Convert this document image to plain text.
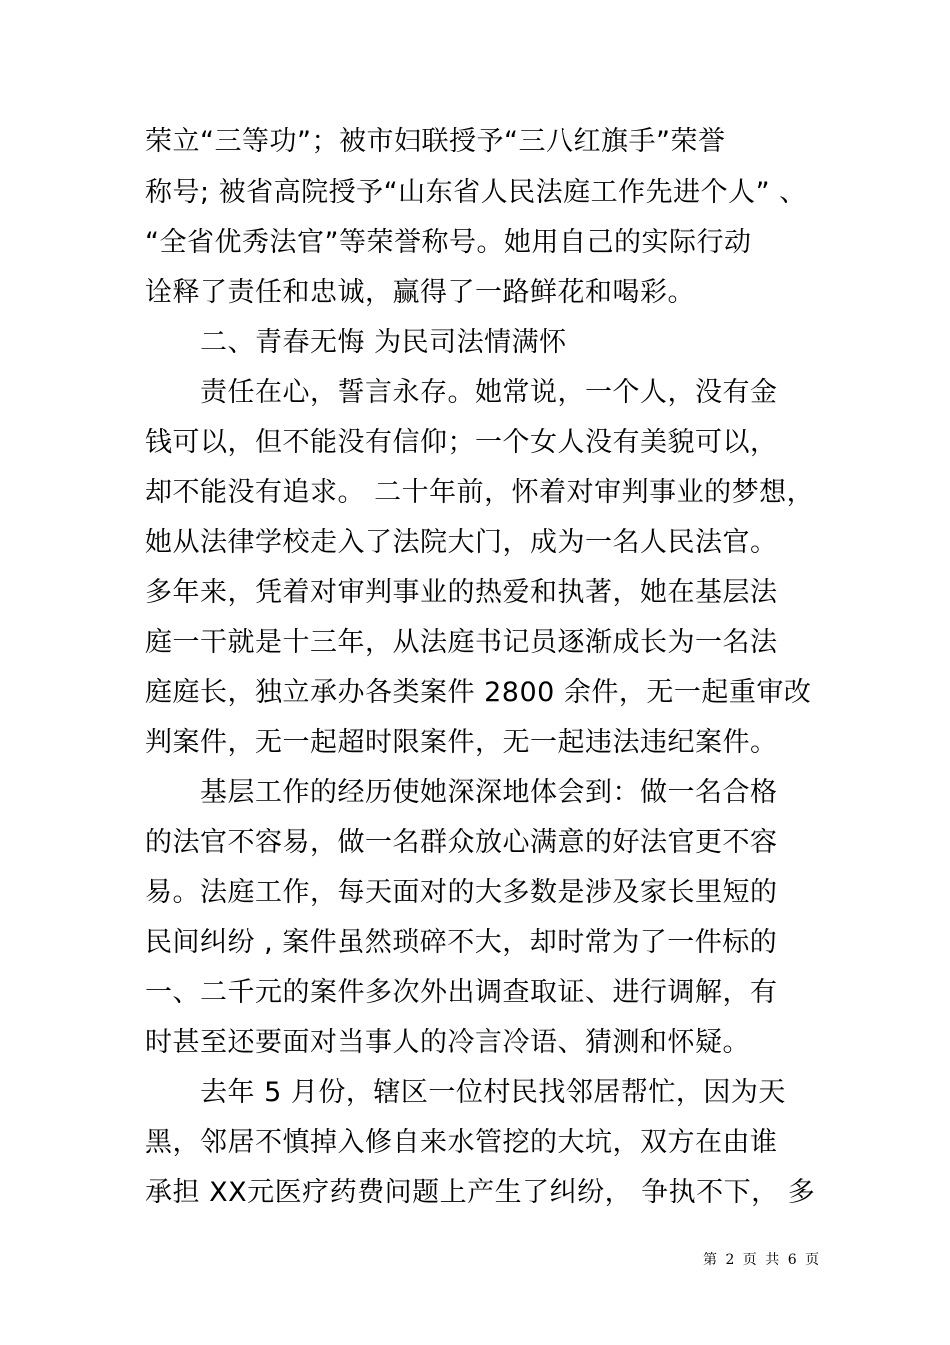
荣立“三等功”；被市妇联授予“三八红旗手”荣誉
称号; 被省高院授予“山东省人民法庭工作先进个人” 、
“全省优秀法官”等荣誉称号。她用自己的实际行动
诠释了责任和忠诚，赢得了一路鲜花和喝彩。
二、青春无悔 为民司法情满怀
责任在心，誓言永存。她常说，一个人，没有金
钱可以，但不能没有信仰；一个女人没有美貌可以，
却不能没有追求。 二十年前，怀着对审判事业的梦想，
她从法律学校走入了法院大门，成为一名人民法官。
多年来，凭着对审判事业的热爱和执著，她在基层法
庭一干就是十三年，从法庭书记员逐渐成长为一名法
庭庭长，独立承办各类案件 2800 余件，无一起重审改
判案件，无一起超时限案件，无一起违法违纪案件。
基层工作的经历使她深深地体会到：做一名合格
的法官不容易，做一名群众放心满意的好法官更不容
易。法庭工作，每天面对的大多数是涉及家长里短的
民间纠纷 , 案件虽然琐碎不大，却时常为了一件标的
一、二千元的案件多次外出调查取证、进行调解，有
时甚至还要面对当事人的冷言冷语、猜测和怀疑。
去年 5 月份，辖区一位村民找邻居帮忙，因为天
黑，邻居不慎掉入修自来水管挖的大坑，双方在由谁
承担 XX元医疗药费问题上产生了纠纷， 争执不下， 多
第 2 页 共 6 页
